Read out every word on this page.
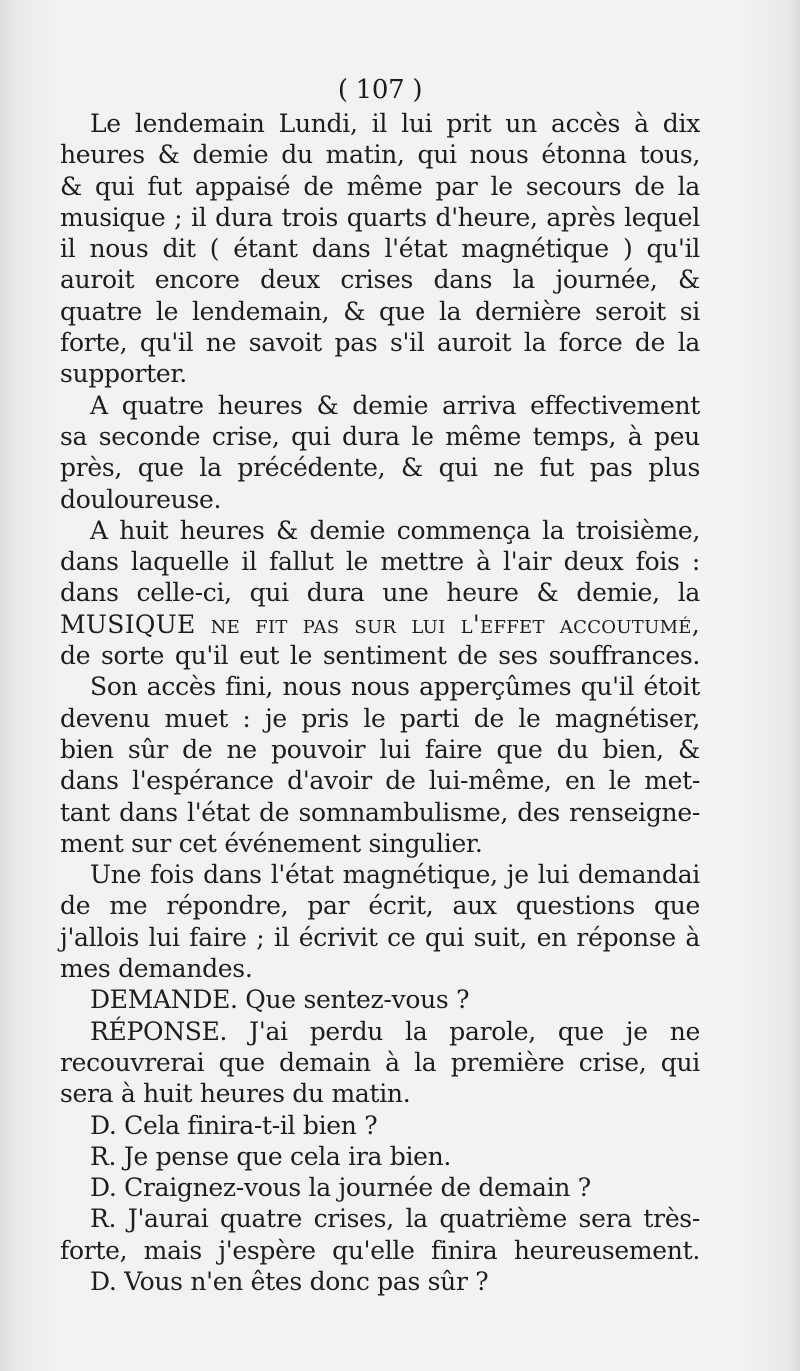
( 107 )
Le lendemain Lundi, il lui prit un accès à dix
heures & demie du matin, qui nous étonna tous,
& qui fut appaisé de même par le secours de la
musique ; il dura trois quarts d'heure, après lequel
il nous dit ( étant dans l'état magnétique ) qu'il
auroit encore deux crises dans la journée, &
quatre le lendemain, & que la dernière seroit si
forte, qu'il ne savoit pas s'il auroit la force de la
supporter.
A quatre heures & demie arriva effectivement
sa seconde crise, qui dura le même temps, à peu
près, que la précédente, & qui ne fut pas plus
douloureuse.
A huit heures & demie commença la troisième,
dans laquelle il fallut le mettre à l'air deux fois :
dans celle-ci, qui dura une heure & demie, la
MUSIQUE ne fit pas sur lui l'effet accoutumé,
de sorte qu'il eut le sentiment de ses souffrances.
Son accès fini, nous nous apperçûmes qu'il étoit
devenu muet : je pris le parti de le magnétiser,
bien sûr de ne pouvoir lui faire que du bien, &
dans l'espérance d'avoir de lui-même, en le met-
tant dans l'état de somnambulisme, des renseigne-
ment sur cet événement singulier.
Une fois dans l'état magnétique, je lui demandai
de me répondre, par écrit, aux questions que
j'allois lui faire ; il écrivit ce qui suit, en réponse à
mes demandes.
DEMANDE. Que sentez-vous ?
RÉPONSE. J'ai perdu la parole, que je ne
recouvrerai que demain à la première crise, qui
sera à huit heures du matin.
D. Cela finira-t-il bien ?
R. Je pense que cela ira bien.
D. Craignez-vous la journée de demain ?
R. J'aurai quatre crises, la quatrième sera très-
forte, mais j'espère qu'elle finira heureusement.
D. Vous n'en êtes donc pas sûr ?
